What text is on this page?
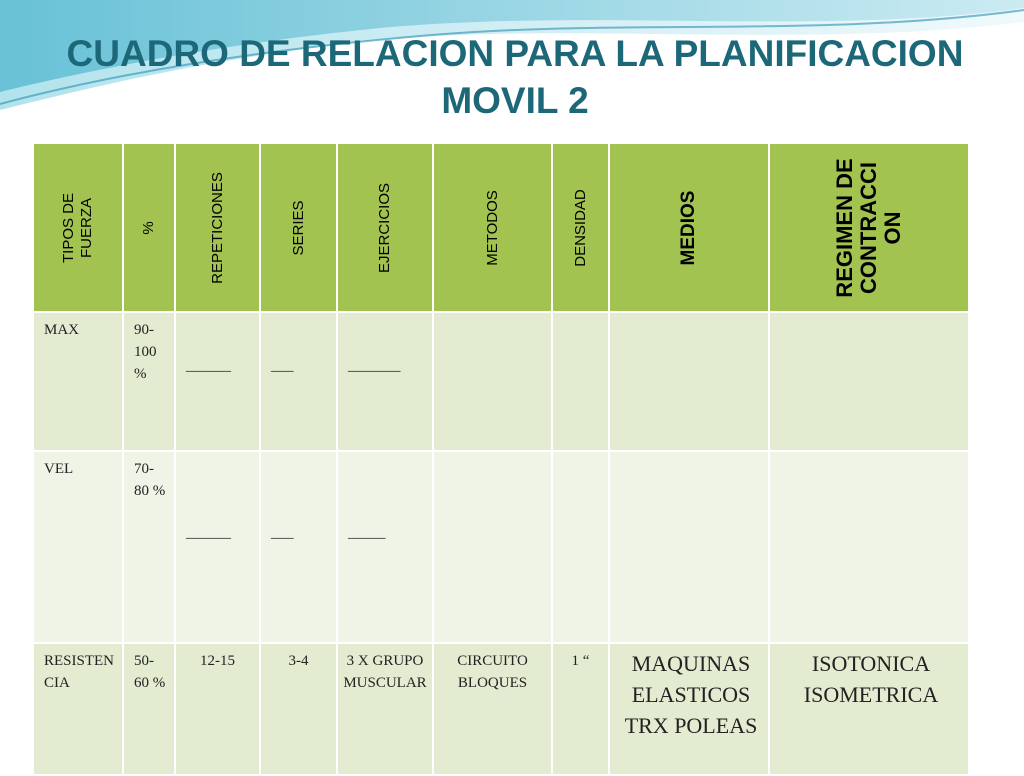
CUADRO DE RELACION PARA LA PLANIFICACION
MOVIL 2
TIPOS DE FUERZA	%	REPETICIONES	SERIES	EJERCICIOS	METODOS	DENSIDAD	MEDIOS	REGIMEN DE CONTRACCION

MAX	90-100 %	______	___	_______				
VEL	70-80 %	______	___	_____				
RESISTENCIA	50-60 %	12-15	3-4	3 X GRUPO MUSCULAR	CIRCUITO BLOQUES	1 “	MAQUINAS ELASTICOS TRX POLEAS	ISOTONICA ISOMETRICA
